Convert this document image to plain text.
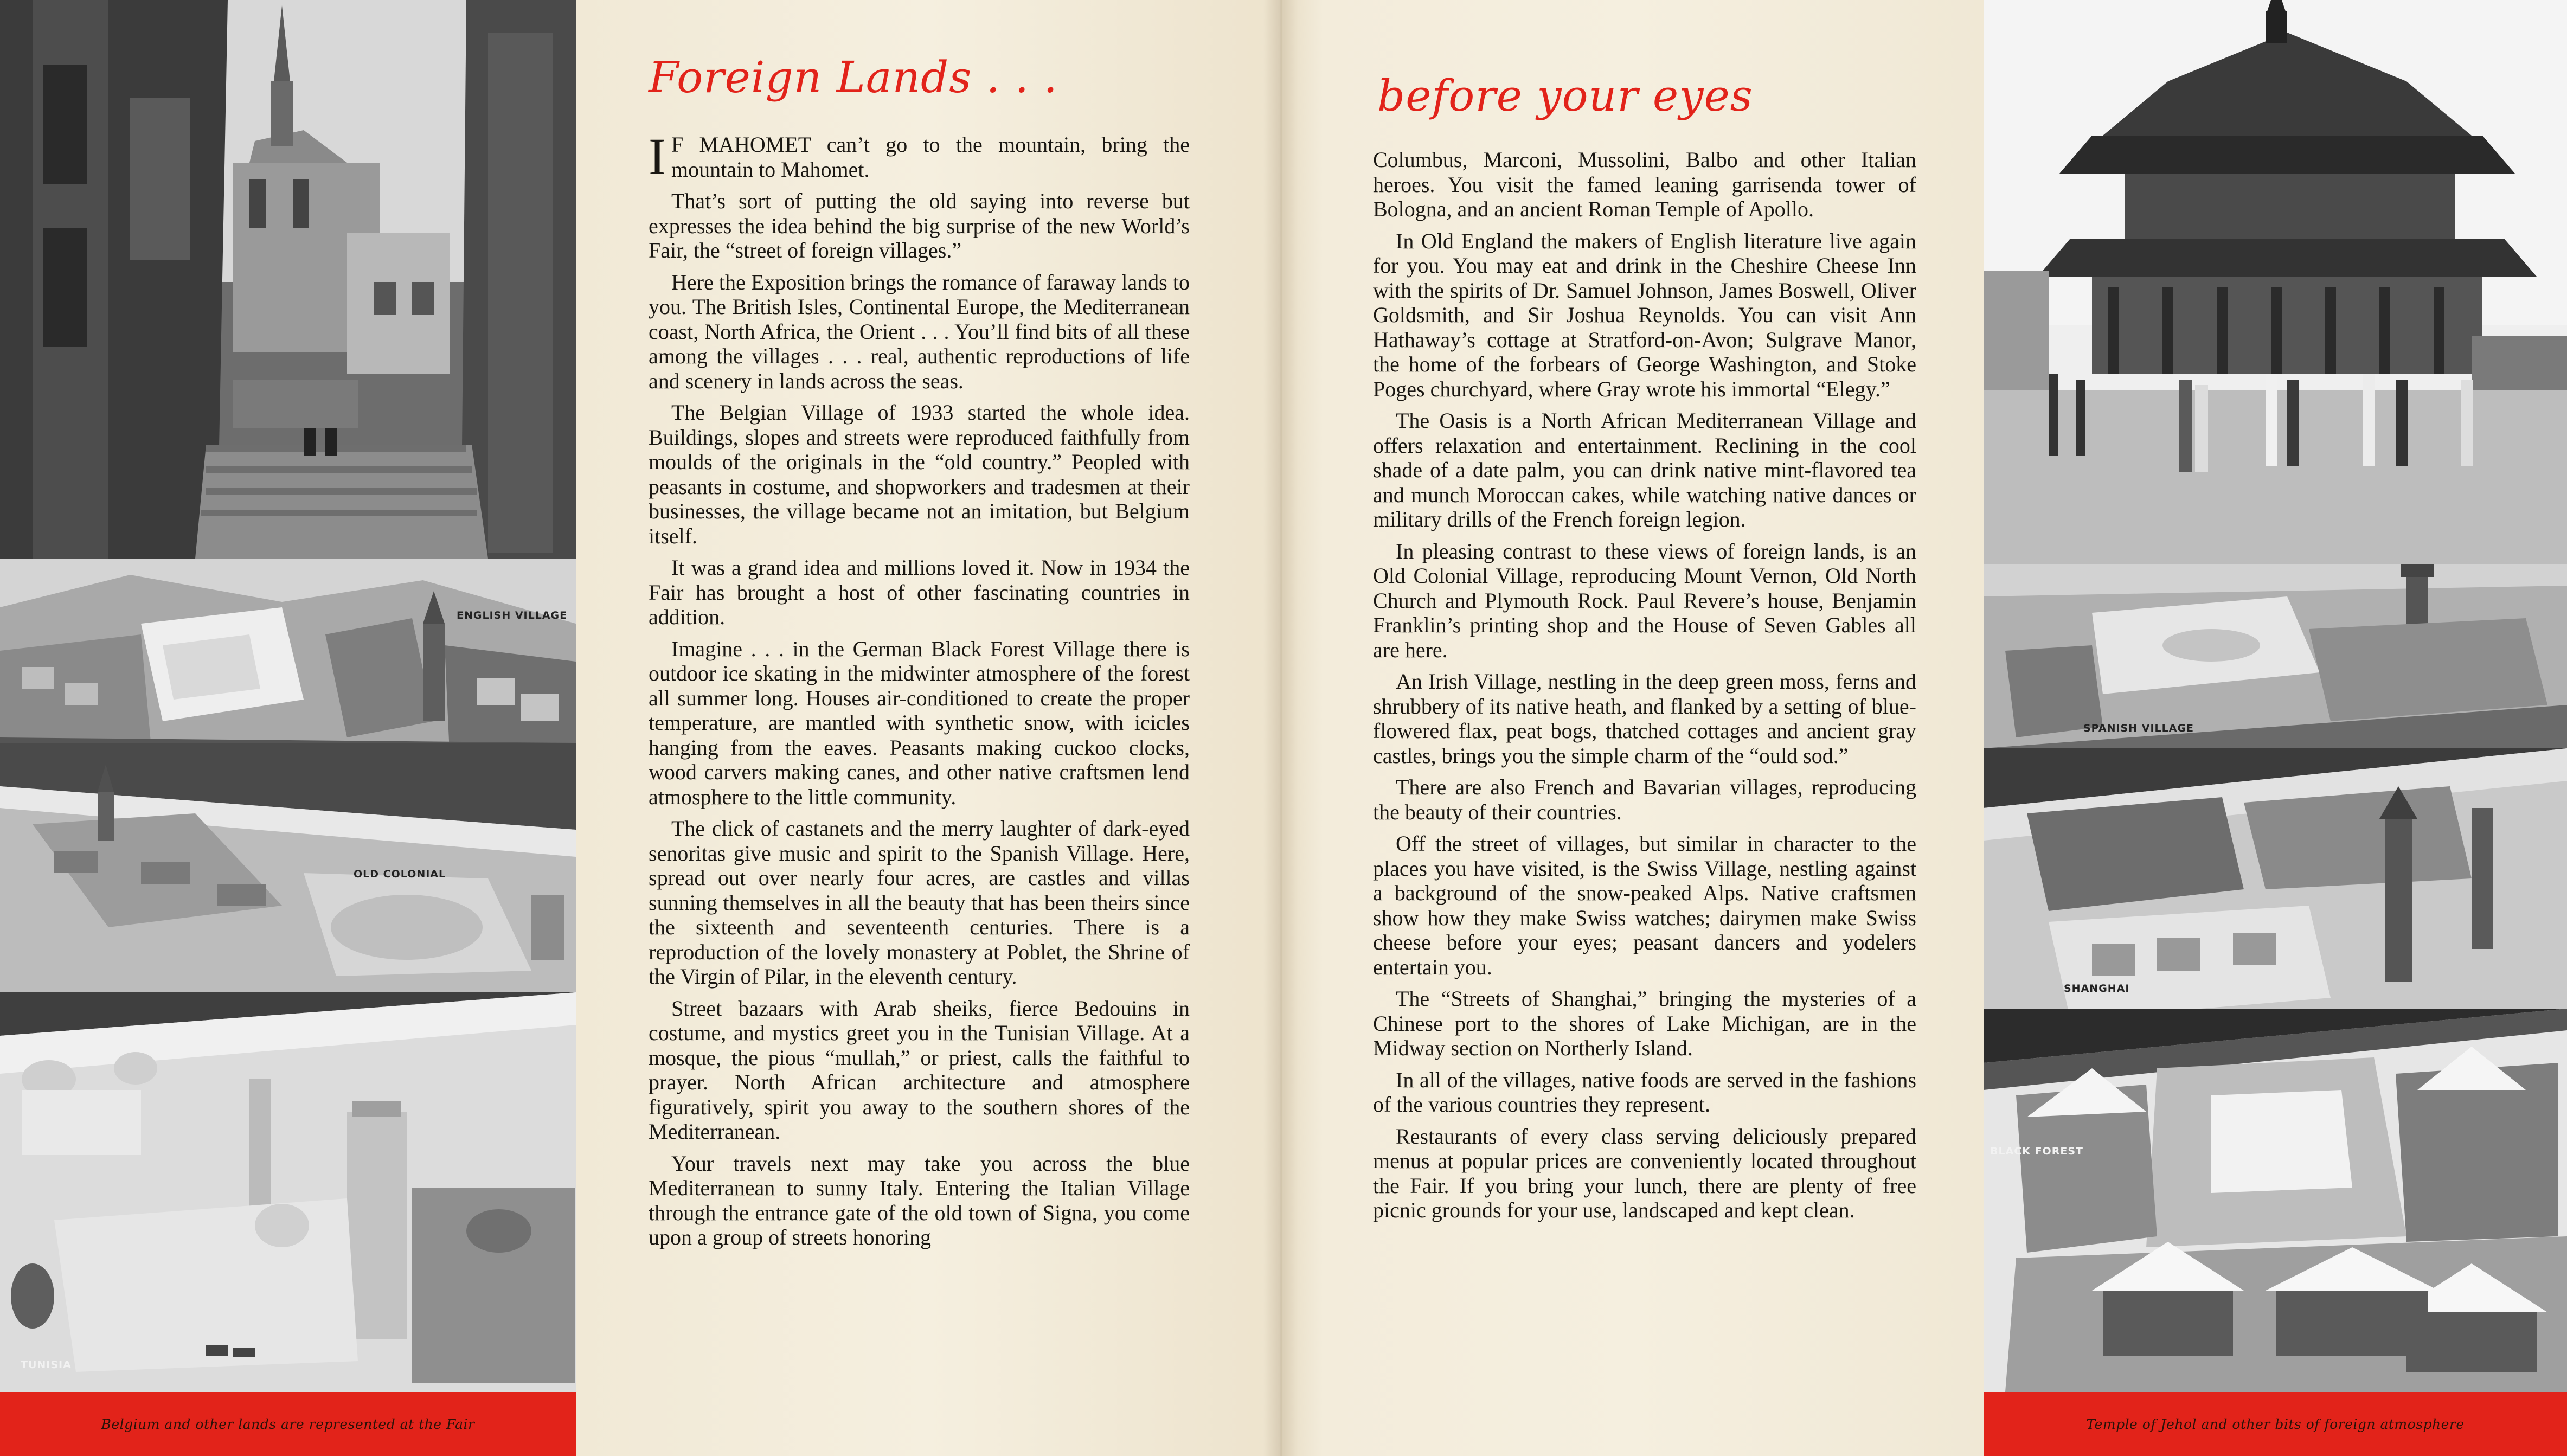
ENGLISH VILLAGE
OLD COLONIAL
TUNISIA
Belgium and other lands are represented at the Fair
Foreign Lands . . .

I F MAHOMET can’t go to the mountain, bring the mountain to Mahomet.

That’s sort of putting the old saying into reverse but expresses the idea behind the big surprise of the new World’s Fair, the “street of foreign villages.”

Here the Exposition brings the romance of faraway lands to you. The British Isles, Continental Europe, the Mediterranean coast, North Africa, the Orient . . . You’ll find bits of all these among the villages . . . real, authentic reproductions of life and scenery in lands across the seas.

The Belgian Village of 1933 started the whole idea. Buildings, slopes and streets were reproduced faithfully from moulds of the originals in the “old country.” Peopled with peasants in costume, and shopworkers and tradesmen at their businesses, the village became not an imitation, but Belgium itself.

It was a grand idea and millions loved it. Now in 1934 the Fair has brought a host of other fascinating countries in addition.

Imagine . . . in the German Black Forest Village there is outdoor ice skating in the midwinter atmosphere of the forest all summer long. Houses air-conditioned to create the proper temperature, are mantled with synthetic snow, with icicles hanging from the eaves. Peasants making cuckoo clocks, wood carvers making canes, and other native craftsmen lend atmosphere to the little community.

The click of castanets and the merry laughter of dark-eyed senoritas give music and spirit to the Spanish Village. Here, spread out over nearly four acres, are castles and villas sunning themselves in all the beauty that has been theirs since the sixteenth and seventeenth centuries. There is a reproduction of the lovely monastery at Poblet, the Shrine of the Virgin of Pilar, in the eleventh century.

Street bazaars with Arab sheiks, fierce Bedouins in costume, and mystics greet you in the Tunisian Village. At a mosque, the pious “mullah,” or priest, calls the faithful to prayer. North African architecture and atmosphere figuratively, spirit you away to the southern shores of the Mediterranean.

Your travels next may take you across the blue Mediterranean to sunny Italy. Entering the Italian Village through the entrance gate of the old town of Signa, you come upon a group of streets honoring

before your eyes

Columbus, Marconi, Mussolini, Balbo and other Italian heroes. You visit the famed leaning garrisenda tower of Bologna, and an ancient Roman Temple of Apollo.

In Old England the makers of English literature live again for you. You may eat and drink in the Cheshire Cheese Inn with the spirits of Dr. Samuel Johnson, James Boswell, Oliver Goldsmith, and Sir Joshua Reynolds. You can visit Ann Hathaway’s cottage at Stratford-on-Avon; Sulgrave Manor, the home of the forbears of George Washington, and Stoke Poges churchyard, where Gray wrote his immortal “Elegy.”

The Oasis is a North African Mediterranean Village and offers relaxation and entertainment. Reclining in the cool shade of a date palm, you can drink native mint-flavored tea and munch Moroccan cakes, while watching native dances or military drills of the French foreign legion.

In pleasing contrast to these views of foreign lands, is an Old Colonial Village, reproducing Mount Vernon, Old North Church and Plymouth Rock. Paul Revere’s house, Benjamin Franklin’s printing shop and the House of Seven Gables all are here.

An Irish Village, nestling in the deep green moss, ferns and shrubbery of its native heath, and flanked by a setting of blue-flowered flax, peat bogs, thatched cottages and ancient gray castles, brings you the simple charm of the “ould sod.”

There are also French and Bavarian villages, reproducing the beauty of their countries.

Off the street of villages, but similar in character to the places you have visited, is the Swiss Village, nestling against a background of the snow-peaked Alps. Native craftsmen show how they make Swiss watches; dairymen make Swiss cheese before your eyes; peasant dancers and yodelers entertain you.

The “Streets of Shanghai,” bringing the mysteries of a Chinese port to the shores of Lake Michigan, are in the Midway section on Northerly Island.

In all of the villages, native foods are served in the fashions of the various countries they represent.

Restaurants of every class serving deliciously prepared menus at popular prices are conveniently located throughout the Fair. If you bring your lunch, there are plenty of free picnic grounds for your use, landscaped and kept clean.

SPANISH VILLAGE
SHANGHAI
BLACK FOREST
Temple of Jehol and other bits of foreign atmosphere
